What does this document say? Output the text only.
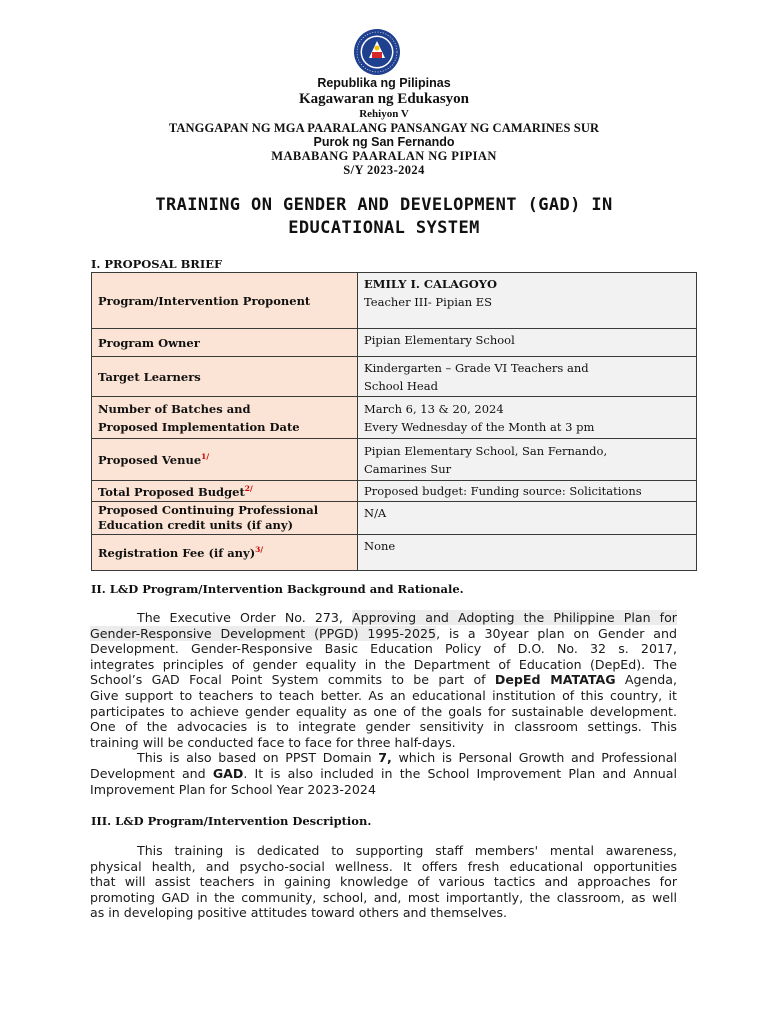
Republika ng Pilipinas
Kagawaran ng Edukasyon
Rehiyon V
TANGGAPAN NG MGA PAARALANG PANSANGAY NG CAMARINES SUR
Purok ng San Fernando
MABABANG PAARALAN NG PIPIAN
S/Y 2023-2024
TRAINING ON GENDER AND DEVELOPMENT (GAD) IN
EDUCATIONAL SYSTEM
I. PROPOSAL BRIEF
Program/Intervention Proponent	EMILY I. CALAGOYO
Teacher III- Pipian ES

Program Owner	Pipian Elementary School

Target Learners	Kindergarten – Grade VI Teachers and
School Head

Number of Batches and
Proposed Implementation Date	March 6, 13 & 20, 2024
Every Wednesday of the Month at 3 pm

Proposed Venue$^{1/}$	Pipian Elementary School, San Fernando,
Camarines Sur

Total Proposed Budget$^{2/}$	Proposed budget: Funding source: Solicitations

Proposed Continuing Professional
Education credit units (if any)	N/A

Registration Fee (if any)$^{3/}$	None
II. L&D Program/Intervention Background and Rationale.
The Executive Order No. 273, Approving and Adopting the Philippine Plan for
Gender-Responsive Development (PPGD) 1995-2025, is a 30year plan on Gender and
Development. Gender-Responsive Basic Education Policy of D.O. No. 32 s. 2017,
integrates principles of gender equality in the Department of Education (DepEd). The
School’s GAD Focal Point System commits to be part of DepEd MATATAG Agenda,
Give support to teachers to teach better. As an educational institution of this country, it
participates to achieve gender equality as one of the goals for sustainable development.
One of the advocacies is to integrate gender sensitivity in classroom settings. This
training will be conducted face to face for three half-days.
This is also based on PPST Domain 7, which is Personal Growth and Professional
Development and GAD. It is also included in the School Improvement Plan and Annual
Improvement Plan for School Year 2023-2024
III. L&D Program/Intervention Description.
This training is dedicated to supporting staff members' mental awareness,
physical health, and psycho-social wellness. It offers fresh educational opportunities
that will assist teachers in gaining knowledge of various tactics and approaches for
promoting GAD in the community, school, and, most importantly, the classroom, as well
as in developing positive attitudes toward others and themselves.
